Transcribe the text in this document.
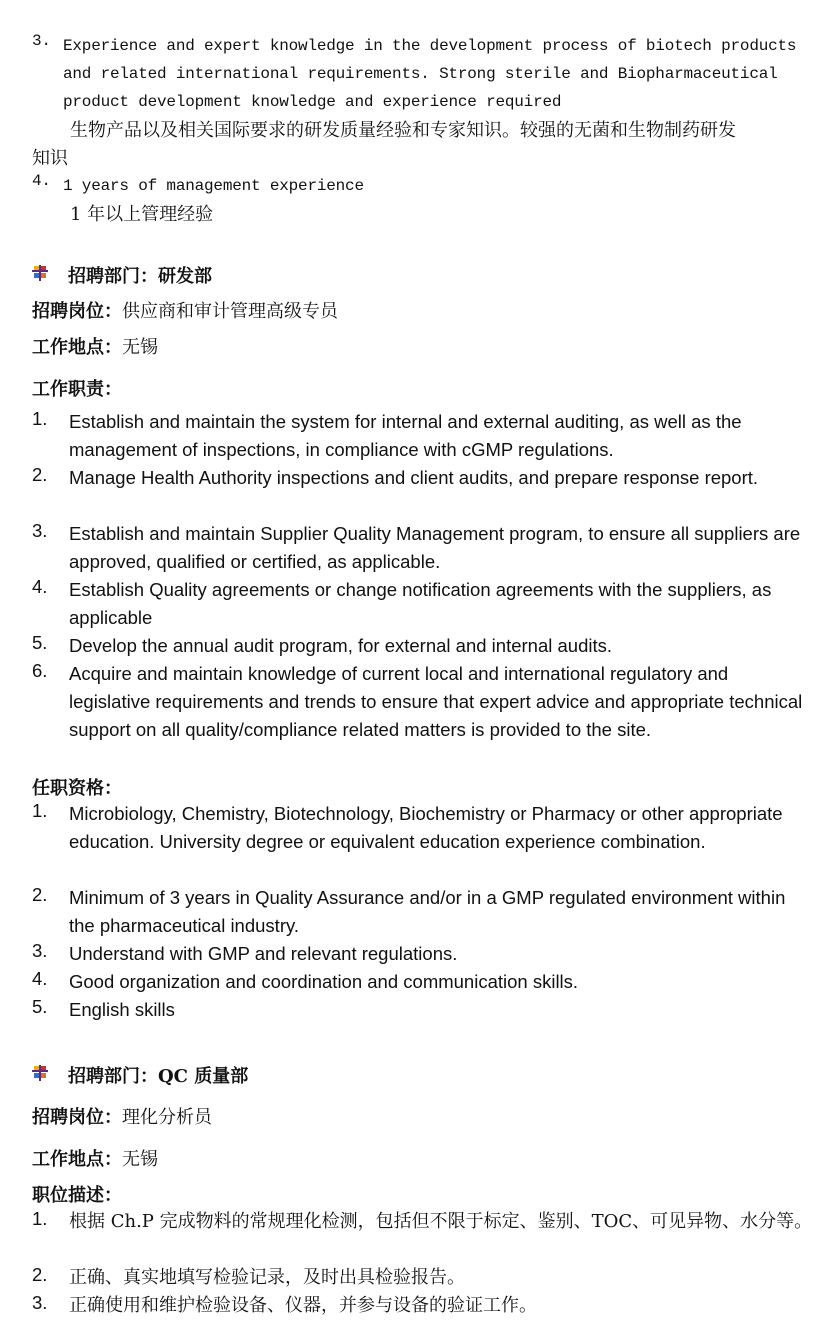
3. Experience and expert knowledge in the development process of biotech products
and related international requirements. Strong sterile and Biopharmaceutical
product development knowledge and experience required
生物产品以及相关国际要求的研发质量经验和专家知识。较强的无菌和生物制药研发
知识
4. 1 years of management experience
1 年以上管理经验
招聘部门：研发部
招聘岗位：供应商和审计管理高级专员
工作地点：无锡
工作职责：
1. Establish and maintain the system for internal and external auditing, as well as the management of inspections, in compliance with cGMP regulations.
2. Manage Health Authority inspections and client audits, and prepare response report.
3. Establish and maintain Supplier Quality Management program, to ensure all suppliers are approved, qualified or certified, as applicable.
4. Establish Quality agreements or change notification agreements with the suppliers, as applicable
5. Develop the annual audit program, for external and internal audits.
6. Acquire and maintain knowledge of current local and international regulatory and legislative requirements and trends to ensure that expert advice and appropriate technical support on all quality/compliance related matters is provided to the site.
任职资格：
1. Microbiology, Chemistry, Biotechnology, Biochemistry or Pharmacy or other appropriate education. University degree or equivalent education experience combination.
2. Minimum of 3 years in Quality Assurance and/or in a GMP regulated environment within the pharmaceutical industry.
3. Understand with GMP and relevant regulations.
4. Good organization and coordination and communication skills.
5. English skills
招聘部门：QC 质量部
招聘岗位：理化分析员
工作地点：无锡
职位描述：
1. 根据 Ch.P 完成物料的常规理化检测，包括但不限于标定、鉴别、TOC、可见异物、水分等。
2. 正确、真实地填写检验记录，及时出具检验报告。
3. 正确使用和维护检验设备、仪器，并参与设备的验证工作。
